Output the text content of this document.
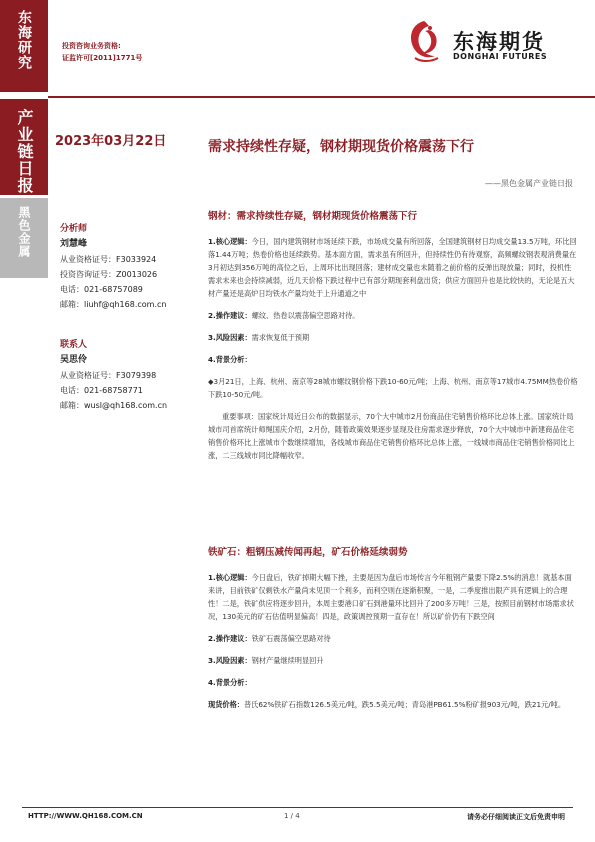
东海研究
产业链日报
黑色金属
投资咨询业务资格:
证监许可[2011]1771号
东海期货
DONGHAI FUTURES
2023年03月22日	需求持续性存疑，钢材期现货价格震荡下行
——黑色金属产业链日报
分析师
刘慧峰
从业资格证号：F3033924
投资咨询证号：Z0013026
电话：021-68757089
邮箱：liuhf@qh168.com.cn
联系人
吴思伶
从业资格证号：F3079398
电话：021-68758771
邮箱：wusl@qh168.com.cn
钢材：需求持续性存疑，钢材期现货价格震荡下行
1.核心逻辑：今日，国内建筑钢材市场延续下跌，市场成交量有所回落，全国建筑钢材日均成交量13.5万吨，环比回落1.44万吨；热卷价格也延续跌势。基本面方面，需求虽有所回升，但持续性仍有待观察，高频螺纹钢表观消费量在3月初达到356万吨的高位之后，上周环比出现回落；建材成交量也未随着之前价格的反弹出现放量；同时，投机性需求未来也会持续减弱，近几天价格下跌过程中已有部分期现套利盘出货；供应方面回升也是比较快的，无论是五大材产量还是高炉日均铁水产量均处于上升通道之中
2.操作建议：螺纹、热卷以震荡偏空思路对待。
3.风险因素：需求恢复低于预期
4.背景分析：
◆3月21日，上海、杭州、南京等28城市螺纹钢价格下跌10-60元/吨；上海、杭州、南京等17城市4.75MM热卷价格下跌10-50元/吨。
重要事项：国家统计局近日公布的数据显示，70个大中城市2月份商品住宅销售价格环比总体上涨。国家统计局城市司首席统计师绳国庆介绍，2月份，随着政策效果逐步显现及住房需求逐步释放，70个大中城市中新建商品住宅销售价格环比上涨城市个数继续增加，各线城市商品住宅销售价格环比总体上涨，一线城市商品住宅销售价格同比上涨，二三线城市同比降幅收窄。
铁矿石：粗钢压减传闻再起，矿石价格延续弱势
1.核心逻辑：今日盘后，铁矿掉期大幅下挫，主要是因为盘后市场传言今年粗钢产量要下降2.5%的消息！就基本面来讲，目前铁矿仅剩铁水产量尚未见顶一个利多，而利空则在逐渐积聚，一是，二季度推出限产具有逻辑上的合理性！二是，铁矿供应将逐步回升，本周主要港口矿石到港量环比回升了200多万吨！三是，按照目前钢材市场需求状况，130美元的矿石估值明显偏高！四是，政策调控预期一直存在！所以矿价仍有下跌空间
2.操作建议：铁矿石震荡偏空思路对待
3.风险因素：钢材产量继续明显回升
4.背景分析：
现货价格：普氏62%铁矿石指数126.5美元/吨，跌5.5美元/吨；青岛港PB61.5%粉矿报903元/吨，跌21元/吨。
HTTP://WWW.QH168.COM.CN	1 / 4	请务必仔细阅读正文后免责申明
